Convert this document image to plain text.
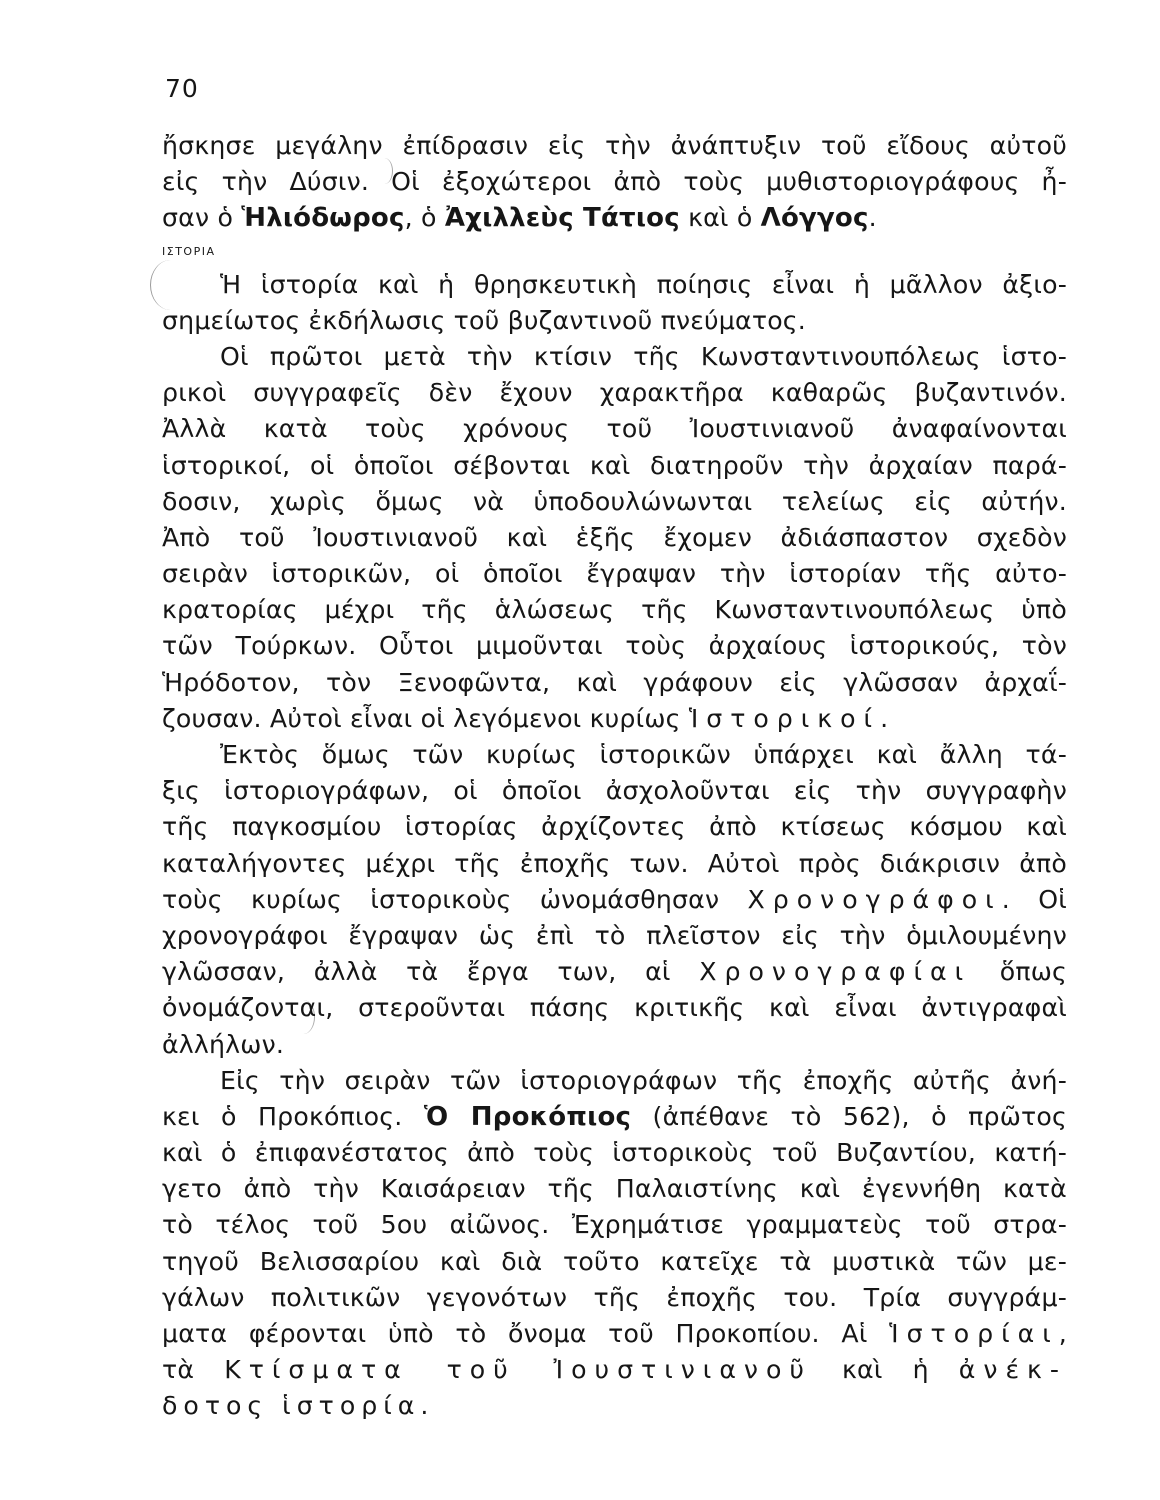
70
ἤσκησε μεγάλην ἐπίδρασιν εἰς τὴν ἀνάπτυξιν τοῦ εἴδους αὐτοῦ
εἰς τὴν Δύσιν. Οἱ ἐξοχώτεροι ἀπὸ τοὺς μυθιστοριογράφους ἦ-
σαν ὁ Ἡλιόδωρος, ὁ Ἀχιλλεὺς Τάτιος καὶ ὁ Λόγγος.
ΙΣΤΟΡΙΑ
Ἡ ἱστορία καὶ ἡ θρησκευτικὴ ποίησις εἶναι ἡ μᾶλλον ἀξιο-
σημείωτος ἐκδήλωσις τοῦ βυζαντινοῦ πνεύματος.
Οἱ πρῶτοι μετὰ τὴν κτίσιν τῆς Κωνσταντινουπόλεως ἱστο-
ρικοὶ συγγραφεῖς δὲν ἔχουν χαρακτῆρα καθαρῶς βυζαντινόν.
Ἀλλὰ κατὰ τοὺς χρόνους τοῦ Ἰουστινιανοῦ ἀναφαίνονται
ἱστορικοί, οἱ ὁποῖοι σέβονται καὶ διατηροῦν τὴν ἀρχαίαν παρά-
δοσιν, χωρὶς ὅμως νὰ ὑποδουλώνωνται τελείως εἰς αὐτήν.
Ἀπὸ τοῦ Ἰουστινιανοῦ καὶ ἑξῆς ἔχομεν ἀδιάσπαστον σχεδὸν
σειρὰν ἱστορικῶν, οἱ ὁποῖοι ἔγραψαν τὴν ἱστορίαν τῆς αὐτο-
κρατορίας μέχρι τῆς ἁλώσεως τῆς Κωνσταντινουπόλεως ὑπὸ
τῶν Τούρκων. Οὗτοι μιμοῦνται τοὺς ἀρχαίους ἱστορικούς, τὸν
Ἡρόδοτον, τὸν Ξενοφῶντα, καὶ γράφουν εἰς γλῶσσαν ἀρχαΐ-
ζουσαν. Αὐτοὶ εἶναι οἱ λεγόμενοι κυρίως Ἱστορικοί.
Ἐκτὸς ὅμως τῶν κυρίως ἱστορικῶν ὑπάρχει καὶ ἄλλη τά-
ξις ἱστοριογράφων, οἱ ὁποῖοι ἀσχολοῦνται εἰς τὴν συγγραφὴν
τῆς παγκοσμίου ἱστορίας ἀρχίζοντες ἀπὸ κτίσεως κόσμου καὶ
καταλήγοντες μέχρι τῆς ἐποχῆς των. Αὐτοὶ πρὸς διάκρισιν ἀπὸ
τοὺς κυρίως ἱστορικοὺς ὠνομάσθησαν Χρονογράφοι. Οἱ
χρονογράφοι ἔγραψαν ὡς ἐπὶ τὸ πλεῖστον εἰς τὴν ὁμιλουμένην
γλῶσσαν, ἀλλὰ τὰ ἔργα των, αἱ Χρονογραφίαι ὅπως
ὀνομάζονται, στεροῦνται πάσης κριτικῆς καὶ εἶναι ἀντιγραφαὶ
ἀλλήλων.
Εἰς τὴν σειρὰν τῶν ἱστοριογράφων τῆς ἐποχῆς αὐτῆς ἀνή-
κει ὁ Προκόπιος. Ὁ Προκόπιος (ἀπέθανε τὸ 562), ὁ πρῶτος
καὶ ὁ ἐπιφανέστατος ἀπὸ τοὺς ἱστορικοὺς τοῦ Βυζαντίου, κατή-
γετο ἀπὸ τὴν Καισάρειαν τῆς Παλαιστίνης καὶ ἐγεννήθη κατὰ
τὸ τέλος τοῦ 5ου αἰῶνος. Ἐχρημάτισε γραμματεὺς τοῦ στρα-
τηγοῦ Βελισσαρίου καὶ διὰ τοῦτο κατεῖχε τὰ μυστικὰ τῶν με-
γάλων πολιτικῶν γεγονότων τῆς ἐποχῆς του. Τρία συγγράμ-
ματα φέρονται ὑπὸ τὸ ὄνομα τοῦ Προκοπίου. Αἱ Ἱστορίαι,
τὰ Κτίσματα τοῦ Ἰουστινιανοῦ καὶ ἡ ἀνέκ-
δοτος ἱστορία.
